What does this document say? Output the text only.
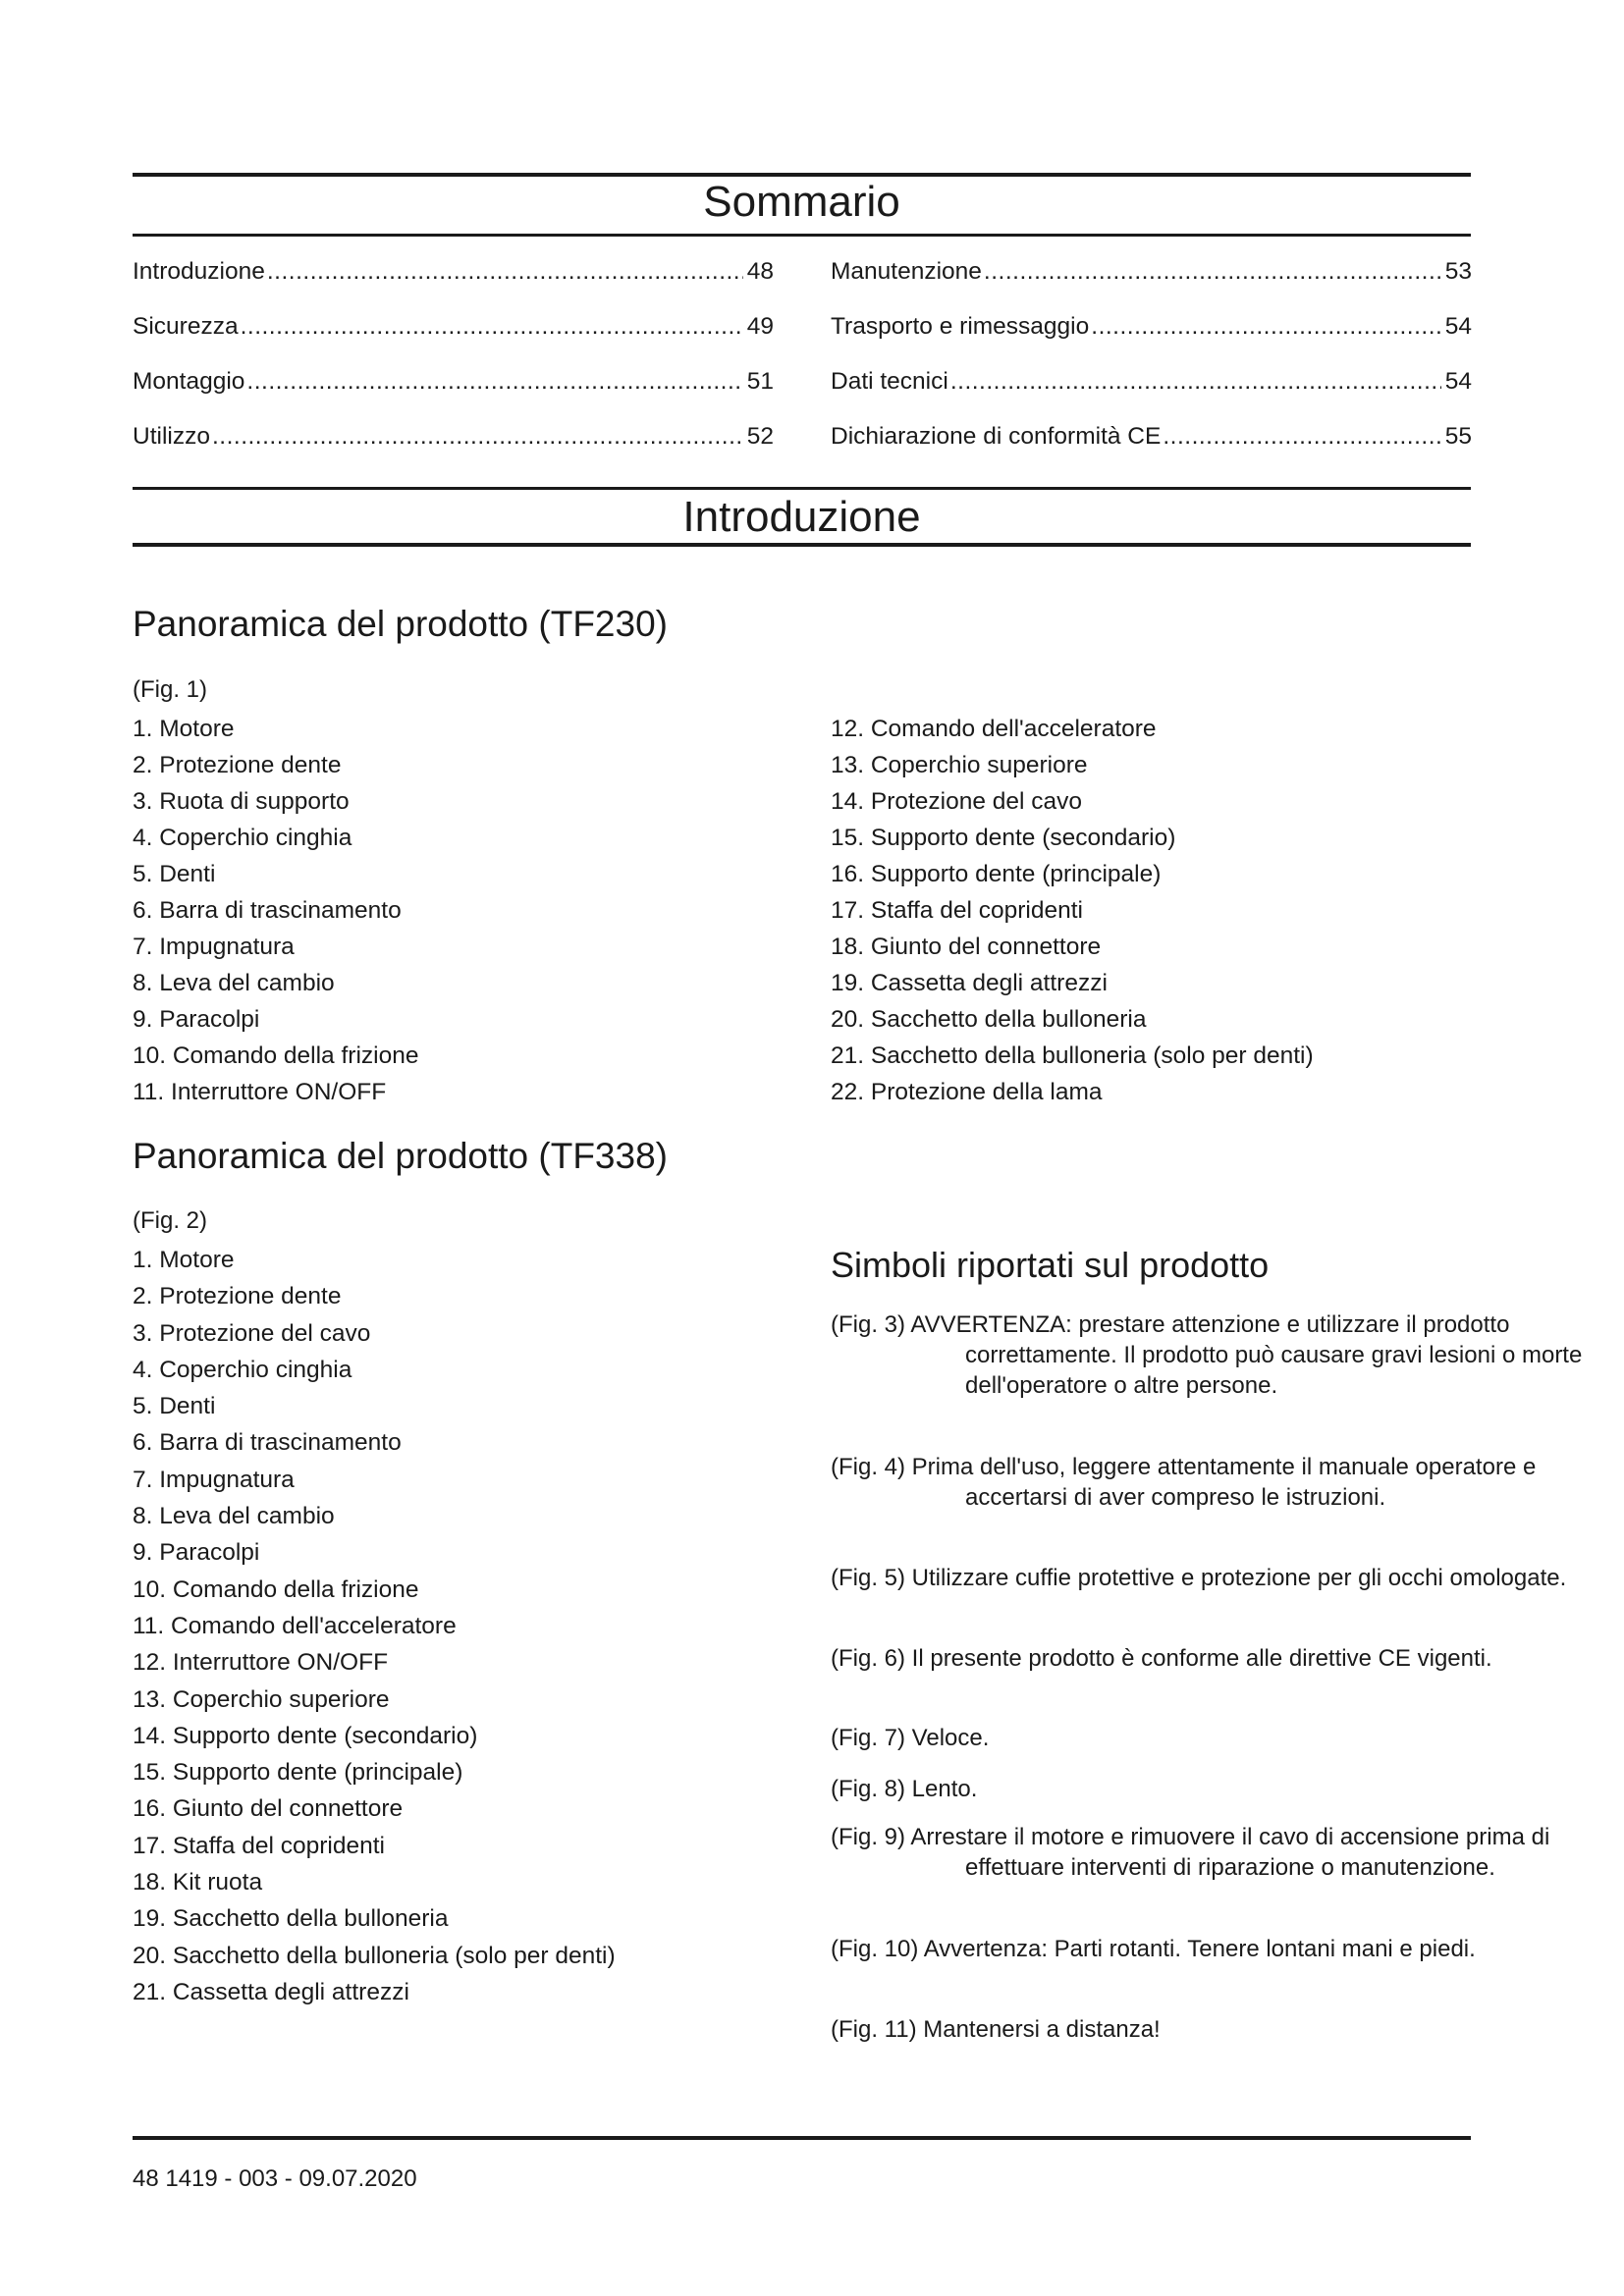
Sommario
Introduzione .....	48
Sicurezza .....	49
Montaggio .....	51
Utilizzo .....	52
Manutenzione .....	53
Trasporto e rimessaggio .....	54
Dati tecnici .....	54
Dichiarazione di conformità CE .....	55
Introduzione
Panoramica del prodotto (TF230)

(Fig. 1)

1. Motore
2. Protezione dente
3. Ruota di supporto
4. Coperchio cinghia
5. Denti
6. Barra di trascinamento
7. Impugnatura
8. Leva del cambio
9. Paracolpi
10. Comando della frizione
11. Interruttore ON/OFF
12. Comando dell'acceleratore
13. Coperchio superiore
14. Protezione del cavo
15. Supporto dente (secondario)
16. Supporto dente (principale)
17. Staffa del copridenti
18. Giunto del connettore
19. Cassetta degli attrezzi
20. Sacchetto della bulloneria
21. Sacchetto della bulloneria (solo per denti)
22. Protezione della lama
Panoramica del prodotto (TF338)

(Fig. 2)

1. Motore
2. Protezione dente
3. Protezione del cavo
4. Coperchio cinghia
5. Denti
6. Barra di trascinamento
7. Impugnatura
8. Leva del cambio
9. Paracolpi
10. Comando della frizione
11. Comando dell'acceleratore
12. Interruttore ON/OFF
13. Coperchio superiore
14. Supporto dente (secondario)
15. Supporto dente (principale)
16. Giunto del connettore
17. Staffa del copridenti
18. Kit ruota
19. Sacchetto della bulloneria
20. Sacchetto della bulloneria (solo per denti)
21. Cassetta degli attrezzi
Simboli riportati sul prodotto

(Fig. 3) AVVERTENZA: prestare attenzione e utilizzare il prodotto correttamente. Il prodotto può causare gravi lesioni o morte dell'operatore o altre persone.

(Fig. 4) Prima dell'uso, leggere attentamente il manuale operatore e accertarsi di aver compreso le istruzioni.

(Fig. 5) Utilizzare cuffie protettive e protezione per gli occhi omologate.

(Fig. 6) Il presente prodotto è conforme alle direttive CE vigenti.

(Fig. 7) Veloce.

(Fig. 8) Lento.

(Fig. 9) Arrestare il motore e rimuovere il cavo di accensione prima di effettuare interventi di riparazione o manutenzione.

(Fig. 10) Avvertenza: Parti rotanti. Tenere lontani mani e piedi.

(Fig. 11) Mantenersi a distanza!

48 1419 - 003 - 09.07.2020
